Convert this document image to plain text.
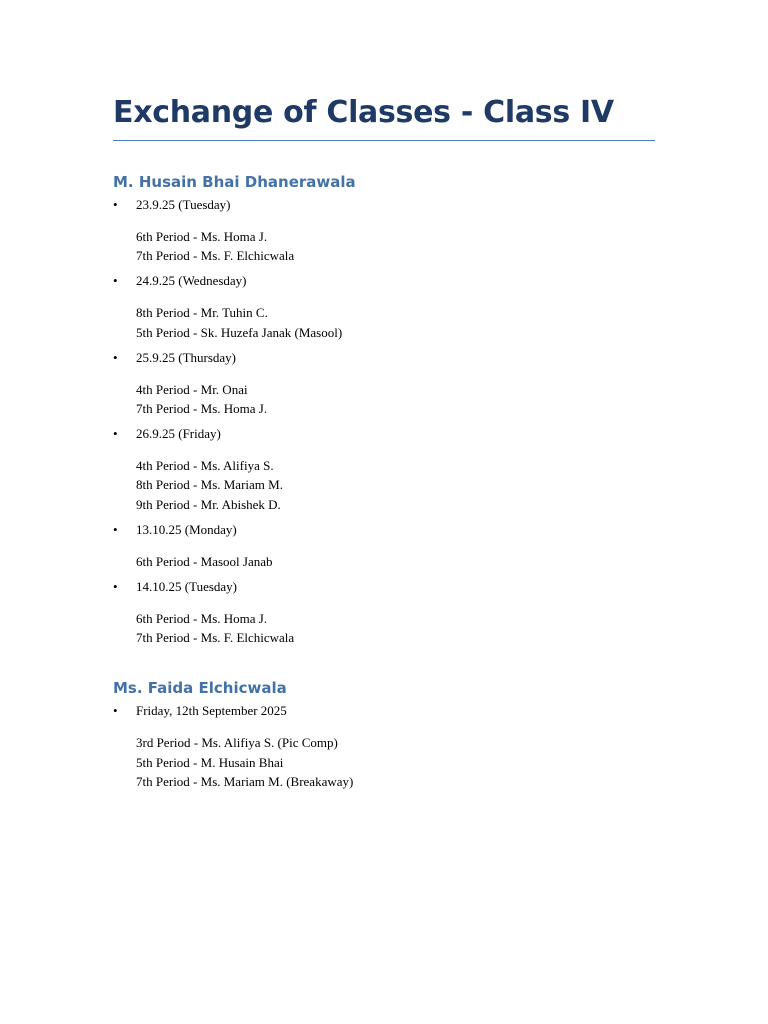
Exchange of Classes - Class IV
M. Husain Bhai Dhanerawala
• 23.9.25 (Tuesday)
6th Period - Ms. Homa J.
7th Period - Ms. F. Elchicwala
• 24.9.25 (Wednesday)
8th Period - Mr. Tuhin C.
5th Period - Sk. Huzefa Janak (Masool)
• 25.9.25 (Thursday)
4th Period - Mr. Onai
7th Period - Ms. Homa J.
• 26.9.25 (Friday)
4th Period - Ms. Alifiya S.
8th Period - Ms. Mariam M.
9th Period - Mr. Abishek D.
• 13.10.25 (Monday)
6th Period - Masool Janab
• 14.10.25 (Tuesday)
6th Period - Ms. Homa J.
7th Period - Ms. F. Elchicwala
Ms. Faida Elchicwala
• Friday, 12th September 2025
3rd Period - Ms. Alifiya S. (Pic Comp)
5th Period - M. Husain Bhai
7th Period - Ms. Mariam M. (Breakaway)
